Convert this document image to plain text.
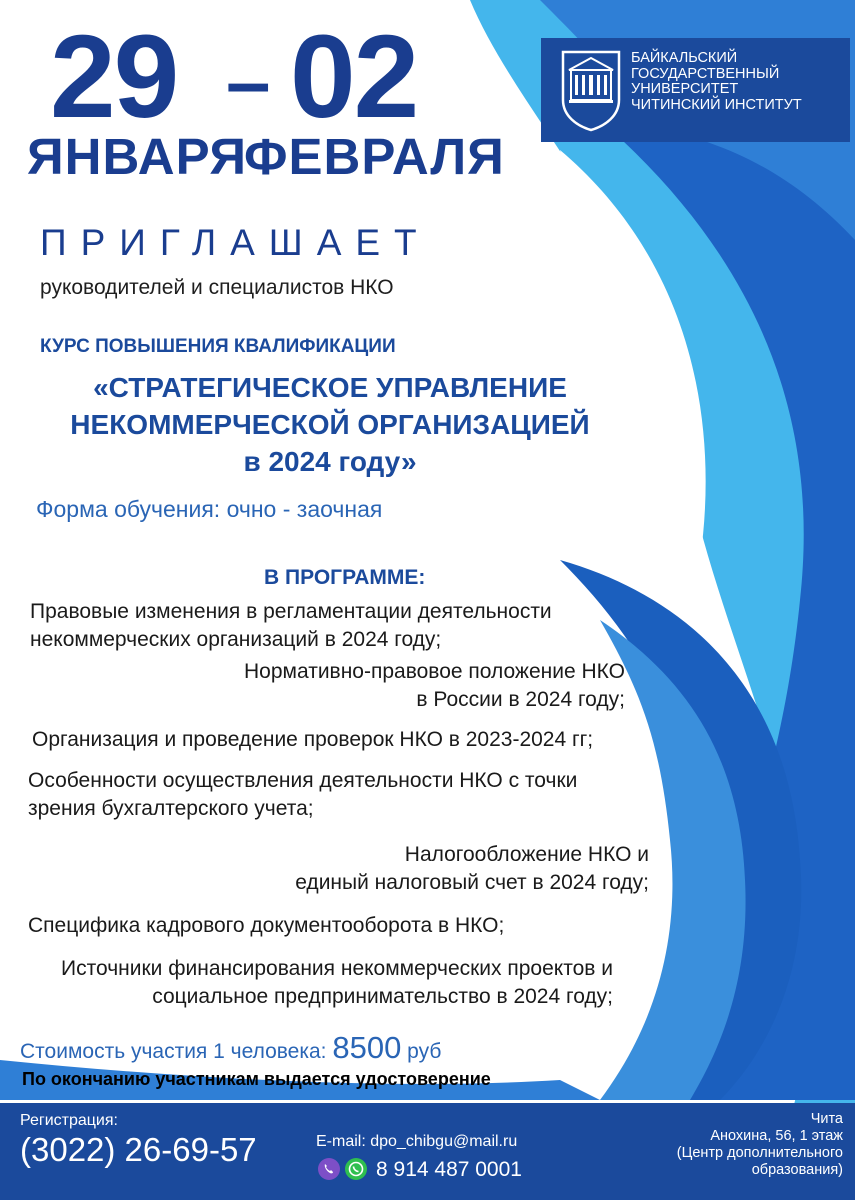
29 – 02
ЯНВАРЯ
ФЕВРАЛЯ
БАЙКАЛЬСКИЙ
ГОСУДАРСТВЕННЫЙ
УНИВЕРСИТЕТ
ЧИТИНСКИЙ ИНСТИТУТ
ПРИГЛАШАЕТ
руководителей и специалистов НКО
КУРС ПОВЫШЕНИЯ КВАЛИФИКАЦИИ
«СТРАТЕГИЧЕСКОЕ УПРАВЛЕНИЕ
НЕКОММЕРЧЕСКОЙ ОРГАНИЗАЦИЕЙ
в 2024 году»
Форма обучения: очно - заочная
В ПРОГРАММЕ:
Правовые изменения в регламентации деятельности
некоммерческих организаций в 2024 году;
Нормативно-правовое положение НКО
в России в 2024 году;
Организация и проведение проверок НКО в 2023-2024 гг;
Особенности осуществления деятельности НКО с точки
зрения бухгалтерского учета;
Налогообложение НКО и
единый налоговый счет в 2024 году;
Специфика кадрового документооборота в НКО;
Источники финансирования некоммерческих проектов и
социальное предпринимательство в 2024 году;
Стоимость участия 1 человека: 8500 руб
По окончанию участникам выдается удостоверение
Регистрация:
(3022) 26-69-57	E-mail: dpo_chibgu@mail.ru
8 914 487 0001
Чита
Анохина, 56, 1 этаж
(Центр дополнительного
образования)
